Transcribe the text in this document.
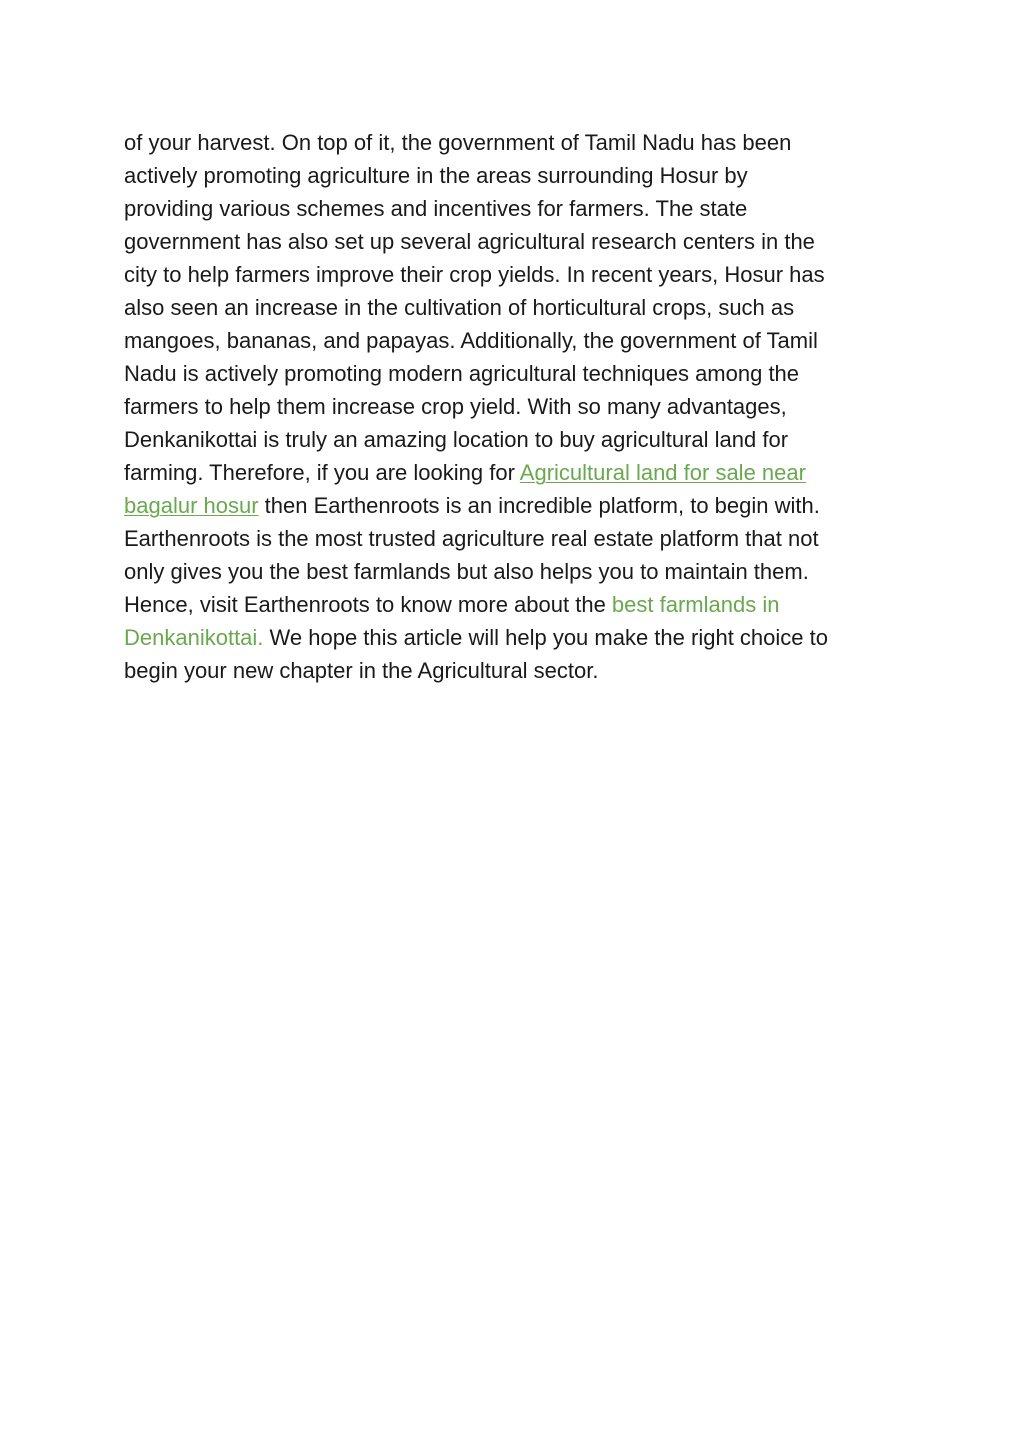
of your harvest. On top of it, the government of Tamil Nadu has been
actively promoting agriculture in the areas surrounding Hosur by
providing various schemes and incentives for farmers. The state
government has also set up several agricultural research centers in the
city to help farmers improve their crop yields. In recent years, Hosur has
also seen an increase in the cultivation of horticultural crops, such as
mangoes, bananas, and papayas. Additionally, the government of Tamil
Nadu is actively promoting modern agricultural techniques among the
farmers to help them increase crop yield. With so many advantages,
Denkanikottai is truly an amazing location to buy agricultural land for
farming. Therefore, if you are looking for Agricultural land for sale near
bagalur hosur then Earthenroots is an incredible platform, to begin with.
Earthenroots is the most trusted agriculture real estate platform that not
only gives you the best farmlands but also helps you to maintain them.
Hence, visit Earthenroots to know more about the best farmlands in
Denkanikottai. We hope this article will help you make the right choice to
begin your new chapter in the Agricultural sector.
